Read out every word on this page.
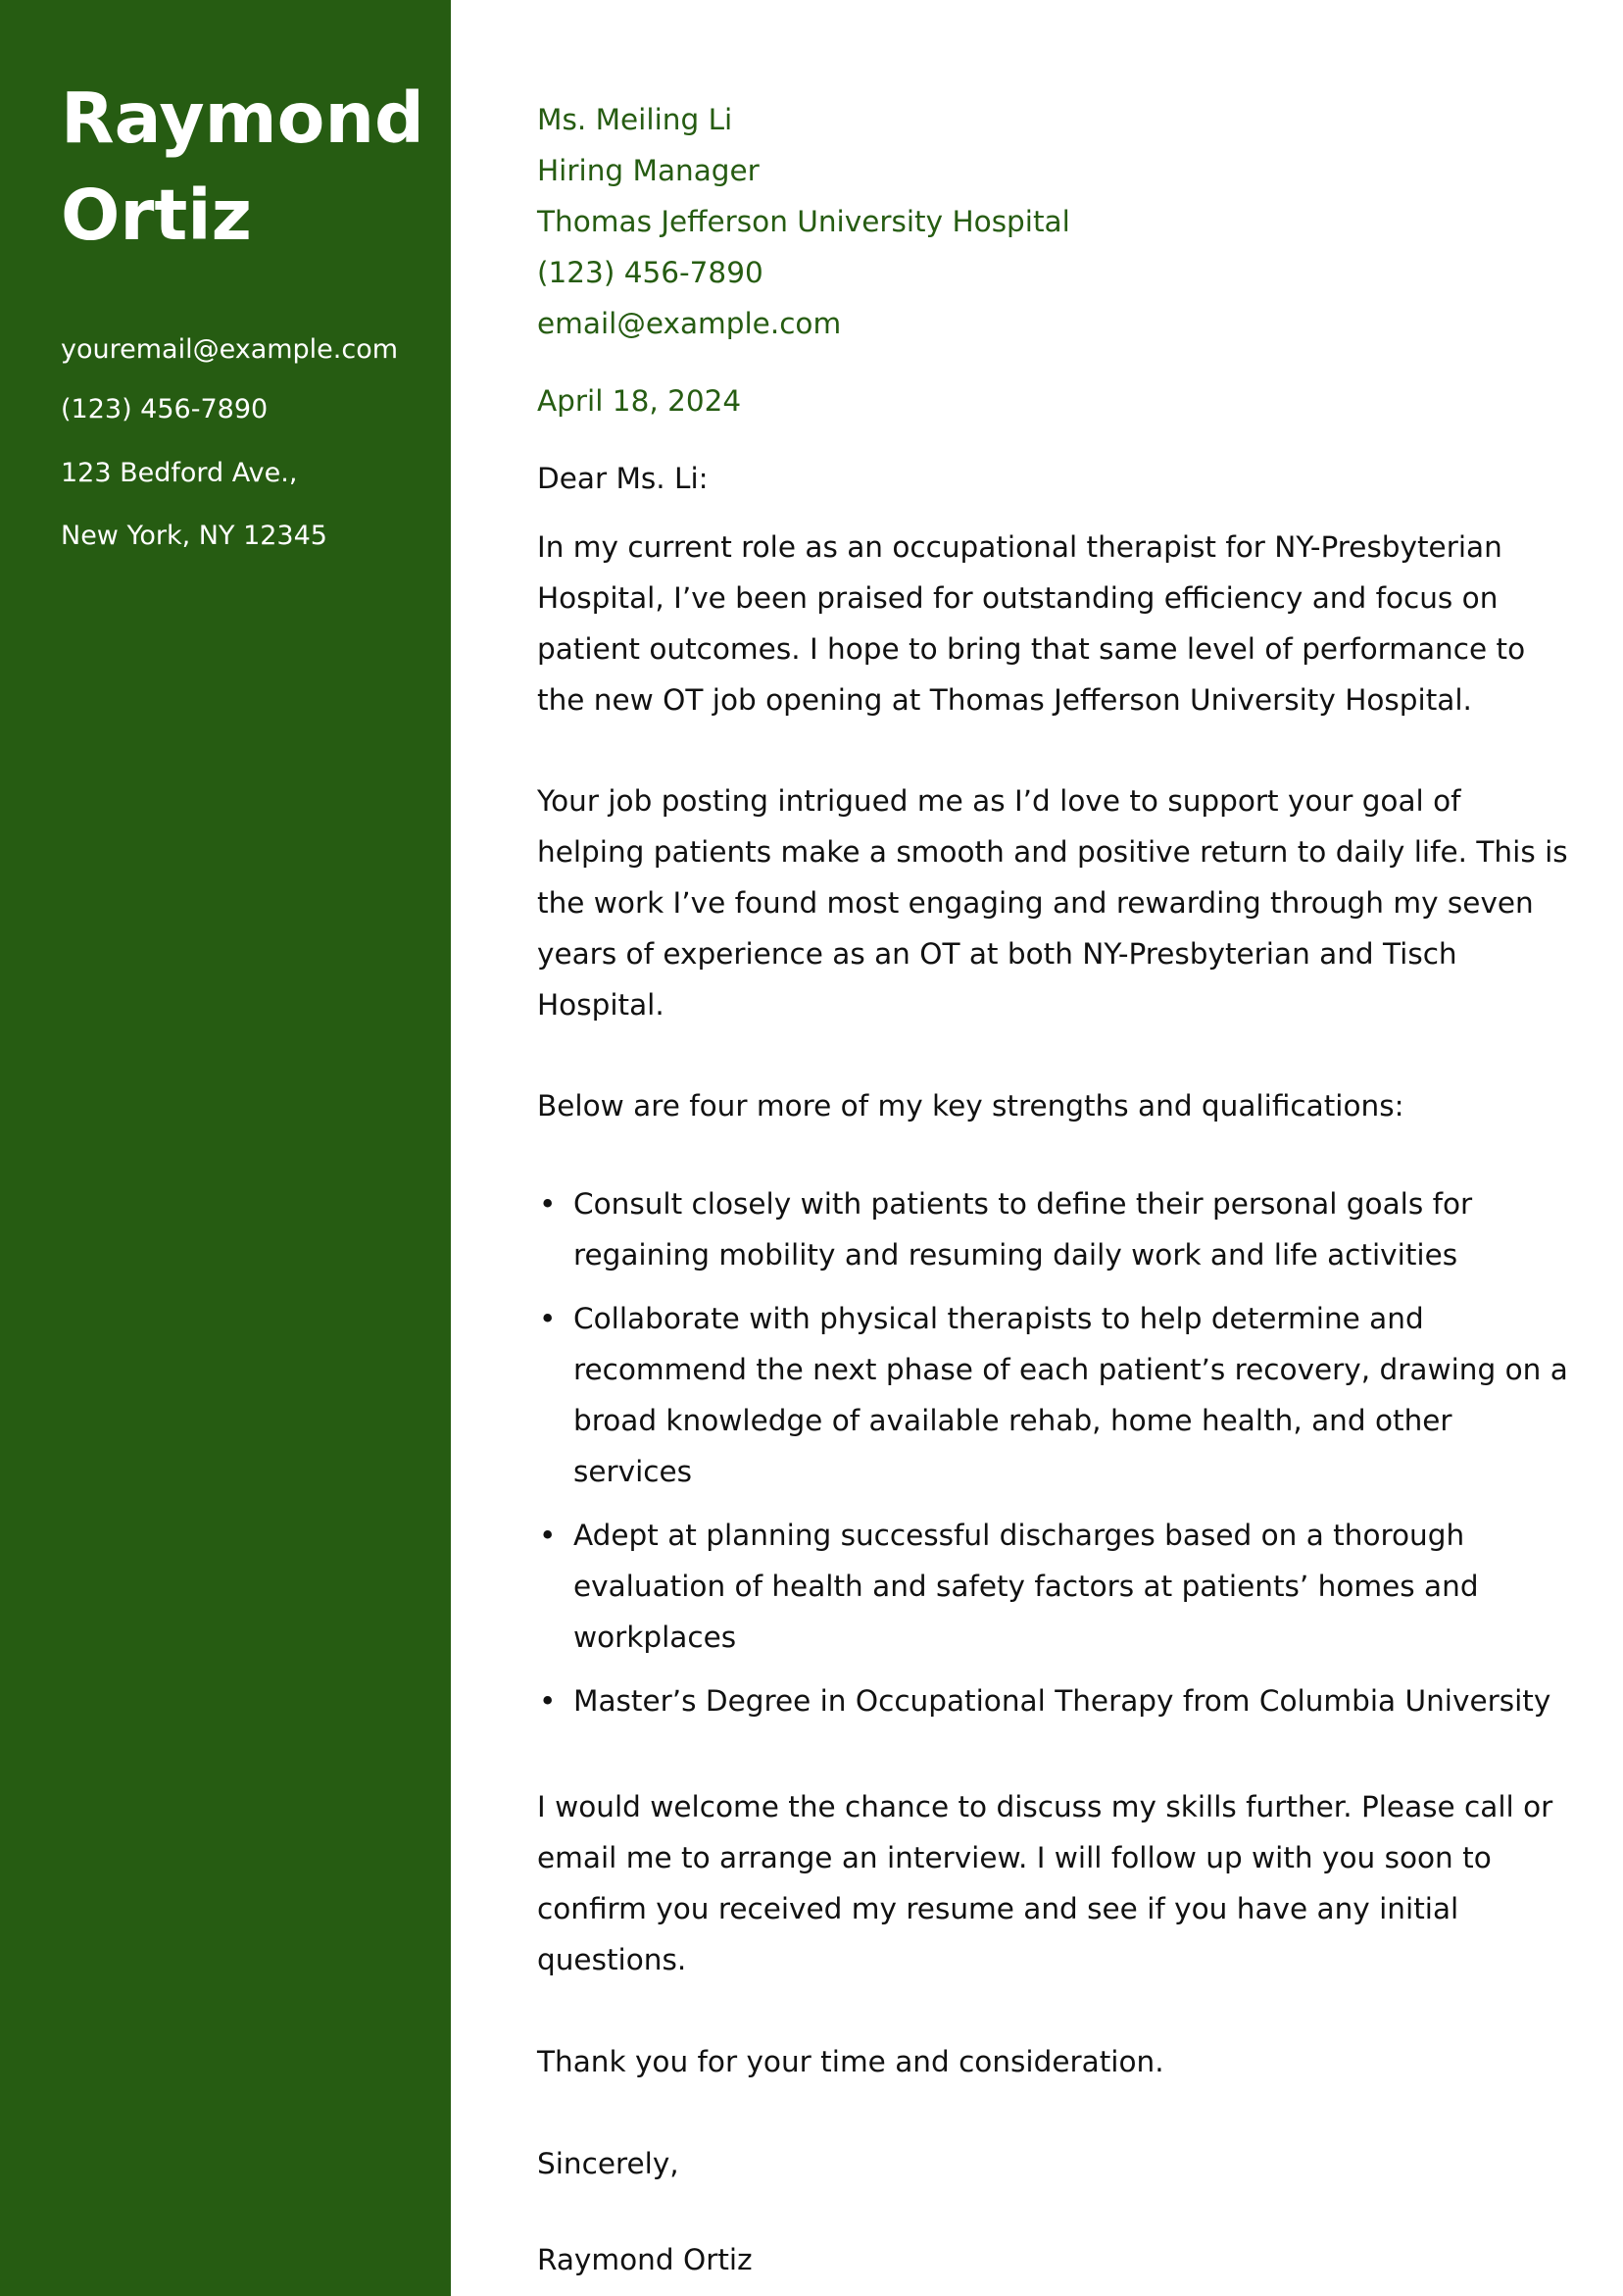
Raymond
Ortiz
youremail@example.com
(123) 456-7890
123 Bedford Ave.,
New York, NY 12345
Ms. Meiling Li
Hiring Manager
Thomas Jefferson University Hospital
(123) 456-7890
email@example.com
April 18, 2024
Dear Ms. Li:

In my current role as an occupational therapist for NY-Presbyterian Hospital, I’ve been praised for outstanding efficiency and focus on patient outcomes. I hope to bring that same level of performance to the new OT job opening at Thomas Jefferson University Hospital.

Your job posting intrigued me as I’d love to support your goal of helping patients make a smooth and positive return to daily life. This is the work I’ve found most engaging and rewarding through my seven years of experience as an OT at both NY-Presbyterian and Tisch Hospital.

Below are four more of my key strengths and qualifications:

• Consult closely with patients to define their personal goals for regaining mobility and resuming daily work and life activities
• Collaborate with physical therapists to help determine and recommend the next phase of each patient’s recovery, drawing on a broad knowledge of available rehab, home health, and other services
• Adept at planning successful discharges based on a thorough evaluation of health and safety factors at patients’ homes and workplaces
• Master’s Degree in Occupational Therapy from Columbia University

I would welcome the chance to discuss my skills further. Please call or email me to arrange an interview. I will follow up with you soon to confirm you received my resume and see if you have any initial questions.

Thank you for your time and consideration.

Sincerely,

Raymond Ortiz
